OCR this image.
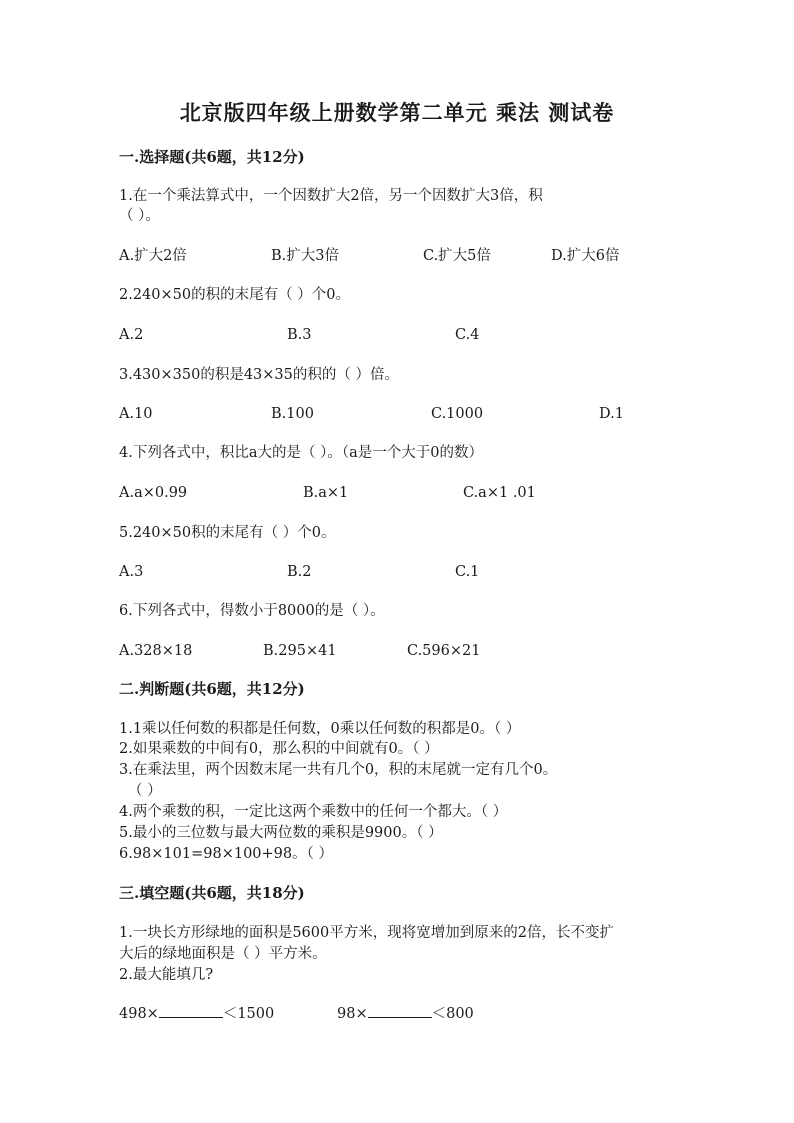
北京版四年级上册数学第二单元 乘法 测试卷
一.选择题(共6题，共12分)
1.在一个乘法算式中，一个因数扩大2倍，另一个因数扩大3倍，积
（ ）。
A.扩大2倍	B.扩大3倍	C.扩大5倍	D.扩大6倍
2.240×50的积的末尾有（ ）个0。
A.2	B.3	C.4
3.430×350的积是43×35的积的（ ）倍。
A.10	B.100	C.1000	D.1
4.下列各式中，积比a大的是（ ）。（a是一个大于0的数）
A.a×0.99	B.a×1	C.a×1 .01
5.240×50积的末尾有（ ）个0。
A.3	B.2	C.1
6.下列各式中，得数小于8000的是（ ）。
A.328×18	B.295×41	C.596×21
二.判断题(共6题，共12分)
1.1乘以任何数的积都是任何数，0乘以任何数的积都是0。（ ）
2.如果乘数的中间有0，那么积的中间就有0。（ ）
3.在乘法里，两个因数末尾一共有几个0，积的末尾就一定有几个0。
（ ）
4.两个乘数的积，一定比这两个乘数中的任何一个都大。（ ）
5.最小的三位数与最大两位数的乘积是9900。（ ）
6.98×101=98×100+98。（ ）
三.填空题(共6题，共18分)
1.一块长方形绿地的面积是5600平方米，现将宽增加到原来的2倍，长不变扩
大后的绿地面积是（ ）平方米。
2.最大能填几?
498×	＜1500	98×	＜800
